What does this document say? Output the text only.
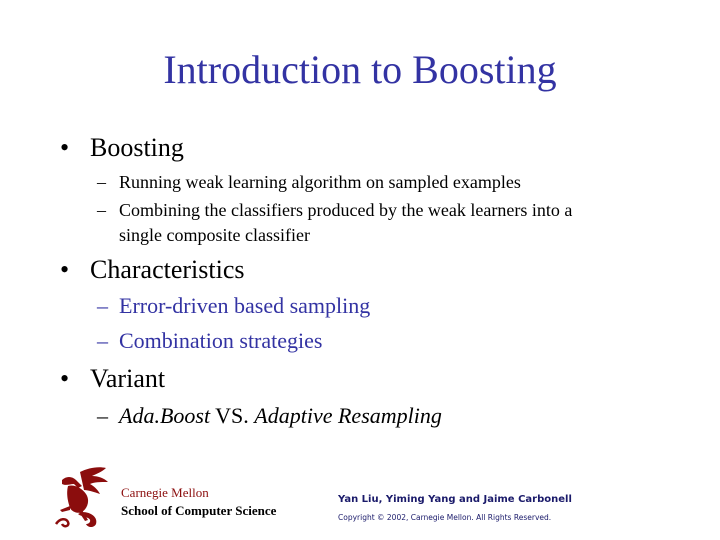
Introduction to Boosting
• Boosting
– Running weak learning algorithm on sampled examples
– Combining the classifiers produced by the weak learners into a
single composite classifier
• Characteristics
– Error-driven based sampling
– Combination strategies
• Variant
– Ada.Boost VS. Adaptive Resampling
Carnegie Mellon
School of Computer Science
Yan Liu, Yiming Yang and Jaime Carbonell
Copyright © 2002, Carnegie Mellon. All Rights Reserved.
